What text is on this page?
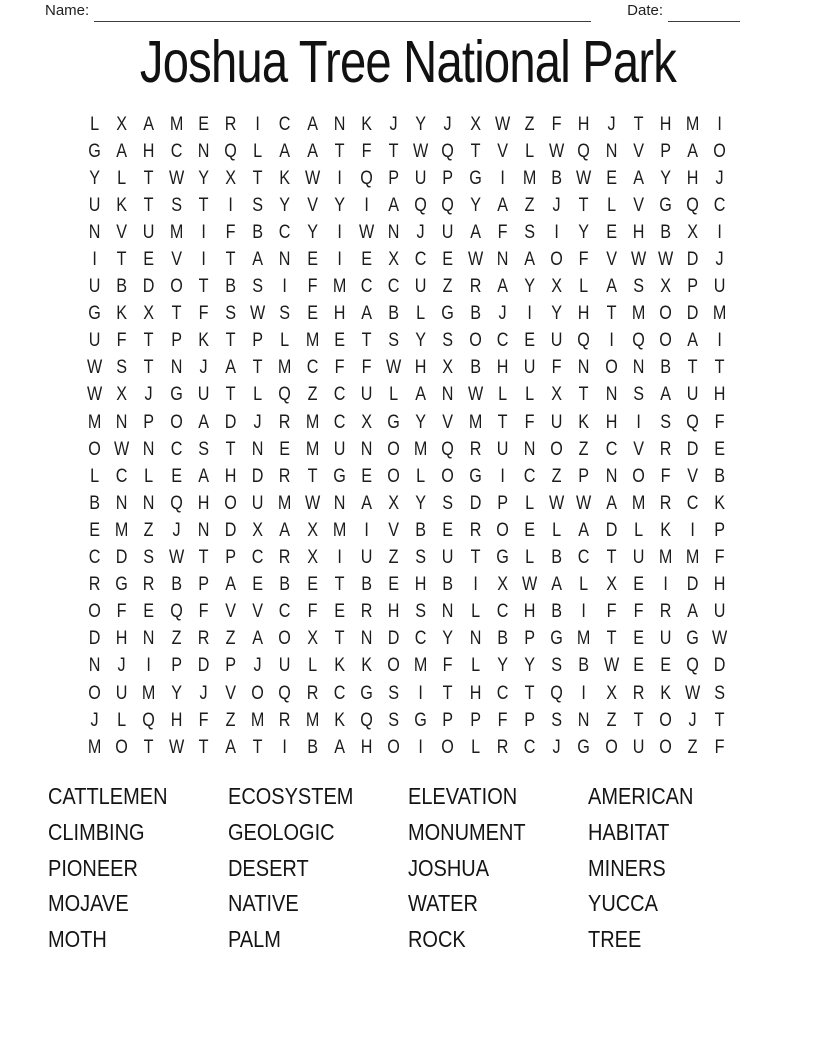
Name:	Date:
Joshua Tree National Park
L X A M E R	I	C A N K J Y J X W Z F H J T H M I
G A H C N Q L A A T F T W Q T V L W Q N V P A O
Y L T W Y X T K W I Q P U P G I M B W E A Y H J
U K T S T	I	S Y V Y	I	A Q Q Y A Z J T L V G Q C
N V U M I	F B C Y	I W N J U A F S	I	Y E H B X	I
I	T E V	I	T A N E	I	E X C E W N A O F V W W D J
U B D O T B S	I	F M C C U Z R A Y X L A S X P U
G K X T F S W S E H A B L G B J	I	Y H T M O D M
U F T P K T P L M E T S Y S O C E U Q I Q O A	I
W S T N J A T M C F F W H X B H U F N O N B T T
W X J G U T L Q Z C U L A N W L L X T N S A U H
M N P O A D J R M C X G Y V M T F U K H	I	S Q F
O W N C S T N E M U N O M Q R U N O Z C V R D E
L C L E A H D R T G E O L O G I	C Z P N O F V B
B N N Q H O U M W N A X Y S D P L W W A M R C K
E M Z J N D X A X M I	V B E R O E L A D L K	I	P
C D S W T P C R X	I	U Z S U T G L B C T U M M F
R G R B P A E B E T B E H B	I	X W A L X E	I	D H
O F E Q F V V C F E R H S N L C H B	I	F F R A U
D H N Z R Z A O X T N D C Y N B P G M T E U G W
N J	I	P D P J U L K K O M F L Y Y S B W E E Q D
O U M Y J V O Q R C G S	I	T H C T Q I	X R K W S
J L Q H F Z M R M K Q S G P P F P S N Z T O J T
M O T W T A T	I	B A H O I O L R C J G O U O Z F
CATTLEMEN
CLIMBING
PIONEER
MOJAVE
MOTH
ECOSYSTEM
GEOLOGIC
DESERT
NATIVE
PALM
ELEVATION
MONUMENT
JOSHUA
WATER
ROCK
AMERICAN
HABITAT
MINERS
YUCCA
TREE
